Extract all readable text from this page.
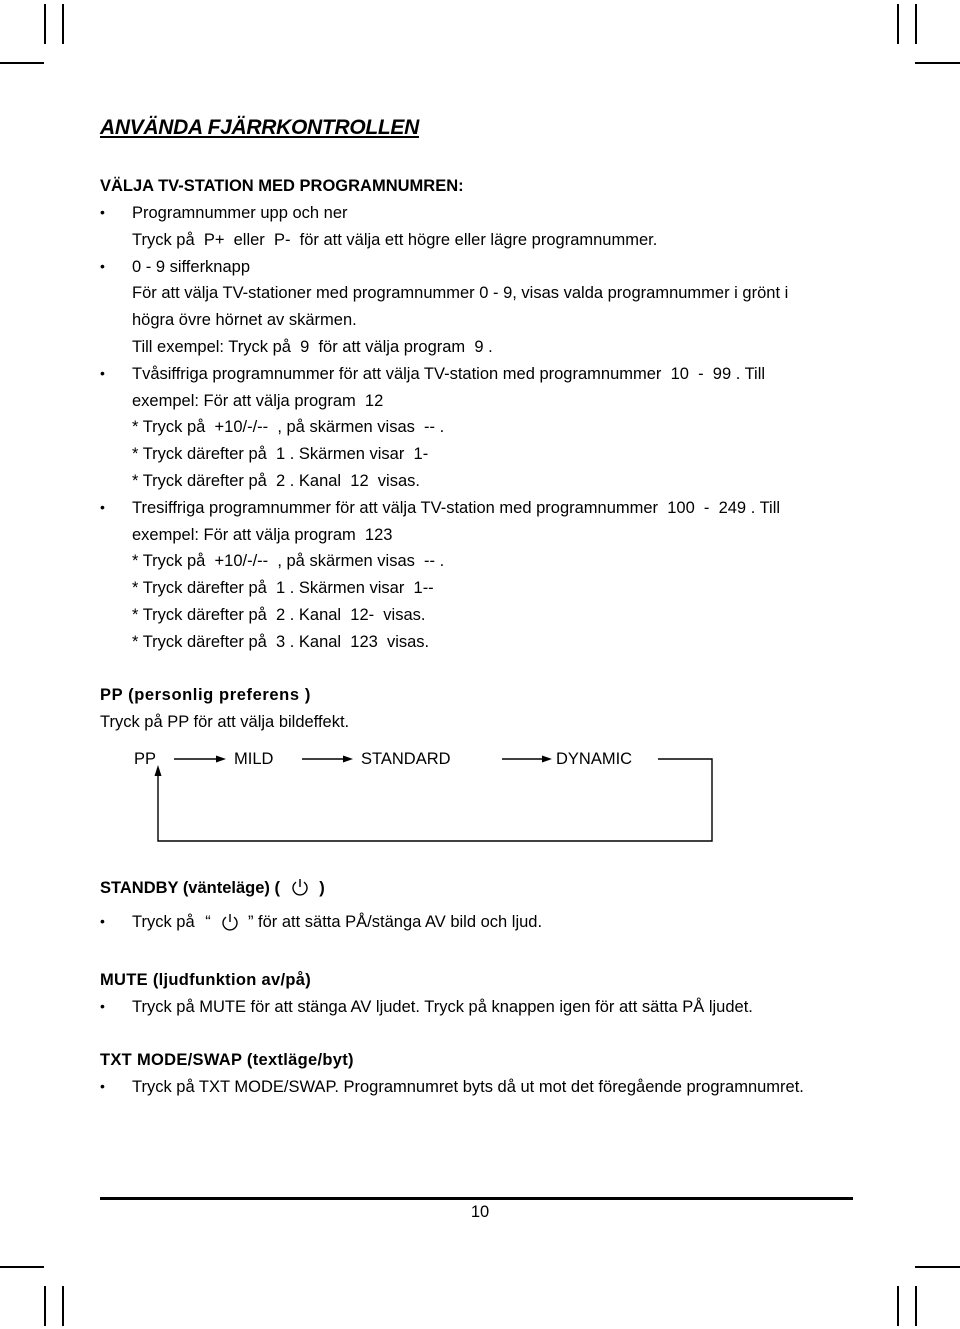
ANVÄNDA FJÄRRKONTROLLEN
VÄLJA TV-STATION MED PROGRAMNUMREN:
• Programnummer upp och ner
Tryck på  P+  eller  P-  för att välja ett högre eller lägre programnummer.
• 0 - 9 sifferknapp
För att välja TV-stationer med programnummer 0 - 9, visas valda programnummer i grönt i
högra övre hörnet av skärmen.
Till exempel: Tryck på  9  för att välja program  9 .
• Tvåsiffriga programnummer för att välja TV-station med programnummer  10  -  99 . Till
exempel: För att välja program  12
* Tryck på  +10/-/--  , på skärmen visas  -- .
* Tryck därefter på  1 . Skärmen visar  1-
* Tryck därefter på  2 . Kanal  12  visas.
• Tresiffriga programnummer för att välja TV-station med programnummer  100  -  249 . Till
exempel: För att välja program  123
* Tryck på  +10/-/--  , på skärmen visas  -- .
* Tryck därefter på  1 . Skärmen visar  1--
* Tryck därefter på  2 . Kanal  12-  visas.
* Tryck därefter på  3 . Kanal  123  visas.
PP (personlig preferens )
Tryck på PP för att välja bildeffekt.
PP	MILD	STANDARD	DYNAMIC
STANDBY (vänteläge) ( )
• Tryck på “ ” för att sätta PÅ/stänga AV bild och ljud.
MUTE (ljudfunktion av/på)
• Tryck på MUTE för att stänga AV ljudet. Tryck på knappen igen för att sätta PÅ ljudet.
TXT MODE/SWAP (textläge/byt)
• Tryck på TXT MODE/SWAP. Programnumret byts då ut mot det föregående programnumret.
10
